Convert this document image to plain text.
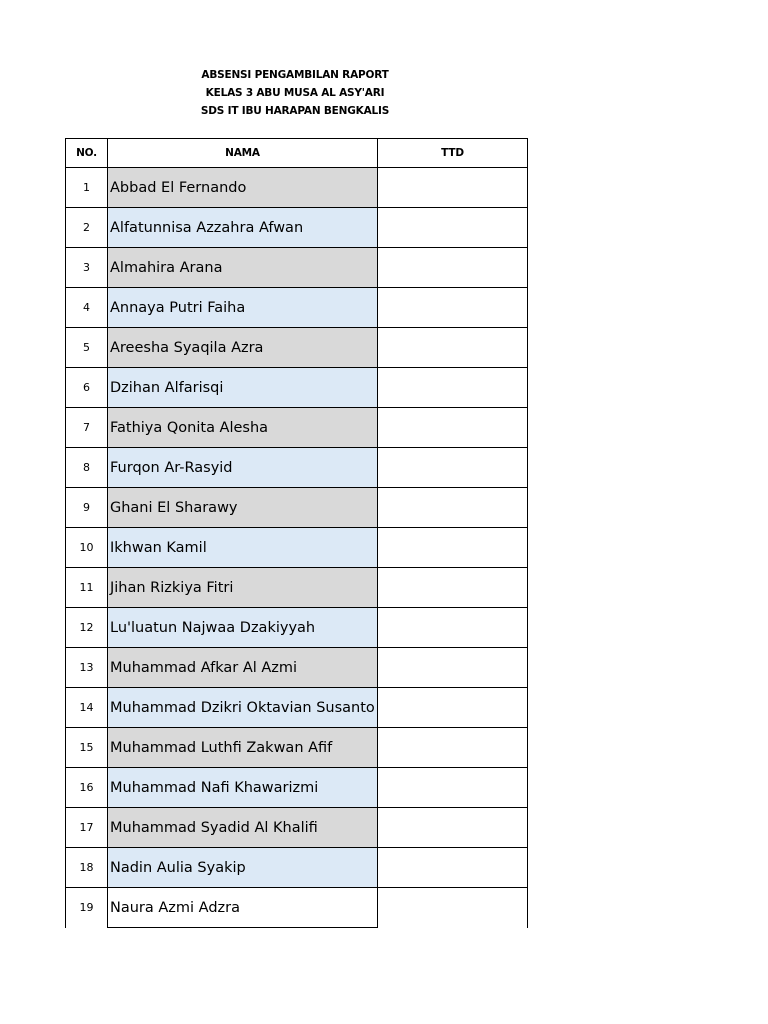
ABSENSI PENGAMBILAN RAPORT
KELAS 3 ABU MUSA AL ASY'ARI
SDS IT IBU HARAPAN BENGKALIS
NO.	NAMA	TTD
1	Abbad El Fernando	
2	Alfatunnisa Azzahra Afwan	
3	Almahira Arana	
4	Annaya Putri Faiha	
5	Areesha Syaqila Azra	
6	Dzihan Alfarisqi	
7	Fathiya Qonita Alesha	
8	Furqon Ar-Rasyid	
9	Ghani El Sharawy	
10	Ikhwan Kamil	
11	Jihan Rizkiya Fitri	
12	Lu'luatun Najwaa Dzakiyyah	
13	Muhammad Afkar Al Azmi	
14	Muhammad Dzikri Oktavian Susanto	
15	Muhammad Luthfi Zakwan Afif	
16	Muhammad Nafi Khawarizmi	
17	Muhammad Syadid Al Khalifi	
18	Nadin Aulia Syakip	
19	Naura Azmi Adzra	
